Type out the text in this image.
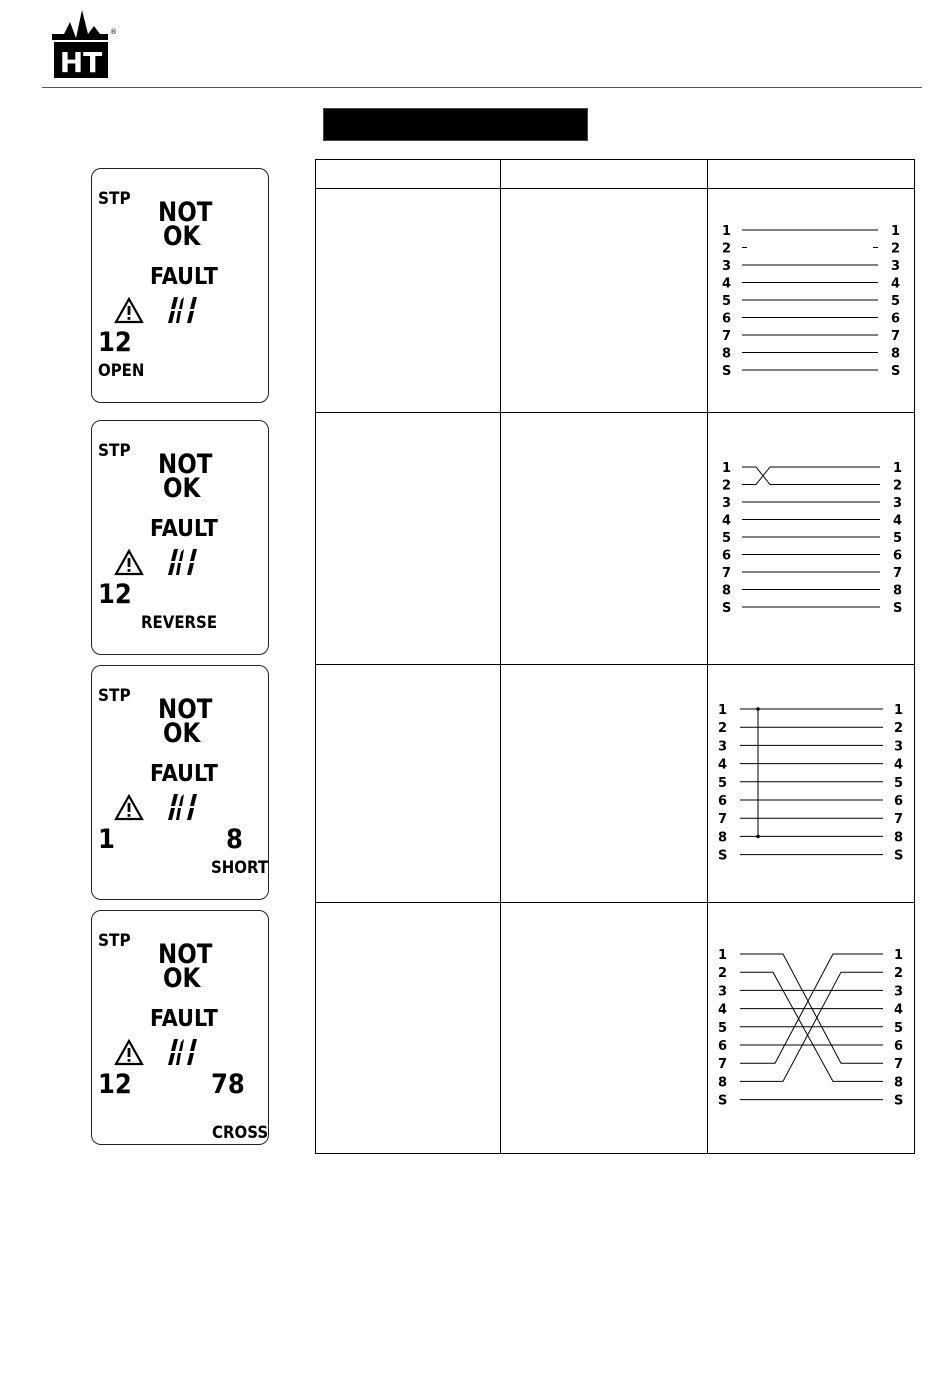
HT
®
STP NOT
OK
FAULT
12
OPEN
STP NOT
OK
FAULT
12
REVERSE
STP NOT
OK
FAULT
1	8
SHORT
STP NOT
OK
FAULT
12	78
CROSS
1
2
3
4
5
6
7
8
S
1
2
3
4
5
6
7
8
S
1
2
3
4
5
6
7
8
S
1
2
3
4
5
6
7
8
S
1
2
3
4
5
6
7
8
S
1
2
3
4
5
6
7
8
S
1
2
3
4
5
6
7
8
S
1
2
3
4
5
6
7
8
S
